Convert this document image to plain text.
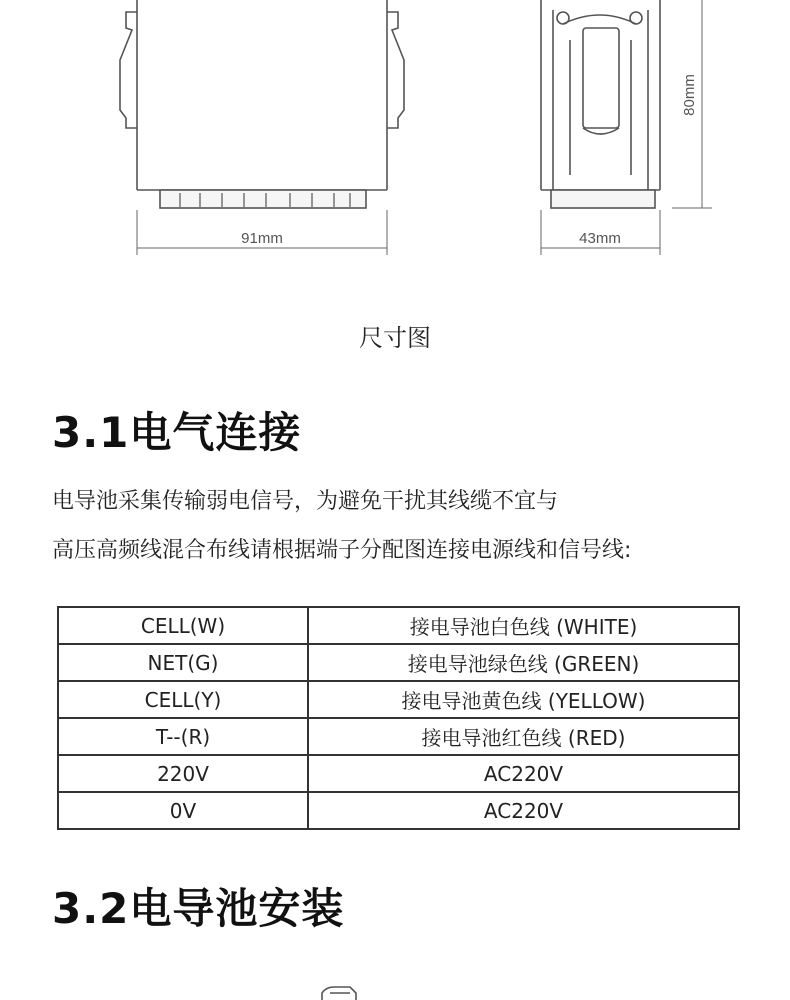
91mm	43mm
80mm
尺寸图
3.1电气连接
电导池采集传输弱电信号，为避免干扰其线缆不宜与
高压高频线混合布线请根据端子分配图连接电源线和信号线:
CELL(W)	接电导池白色线 (WHITE)
NET(G)	接电导池绿色线 (GREEN)
CELL(Y)	接电导池黄色线 (YELLOW)
T--(R)	接电导池红色线 (RED)
220V	AC220V
0V	AC220V
3.2电导池安装
